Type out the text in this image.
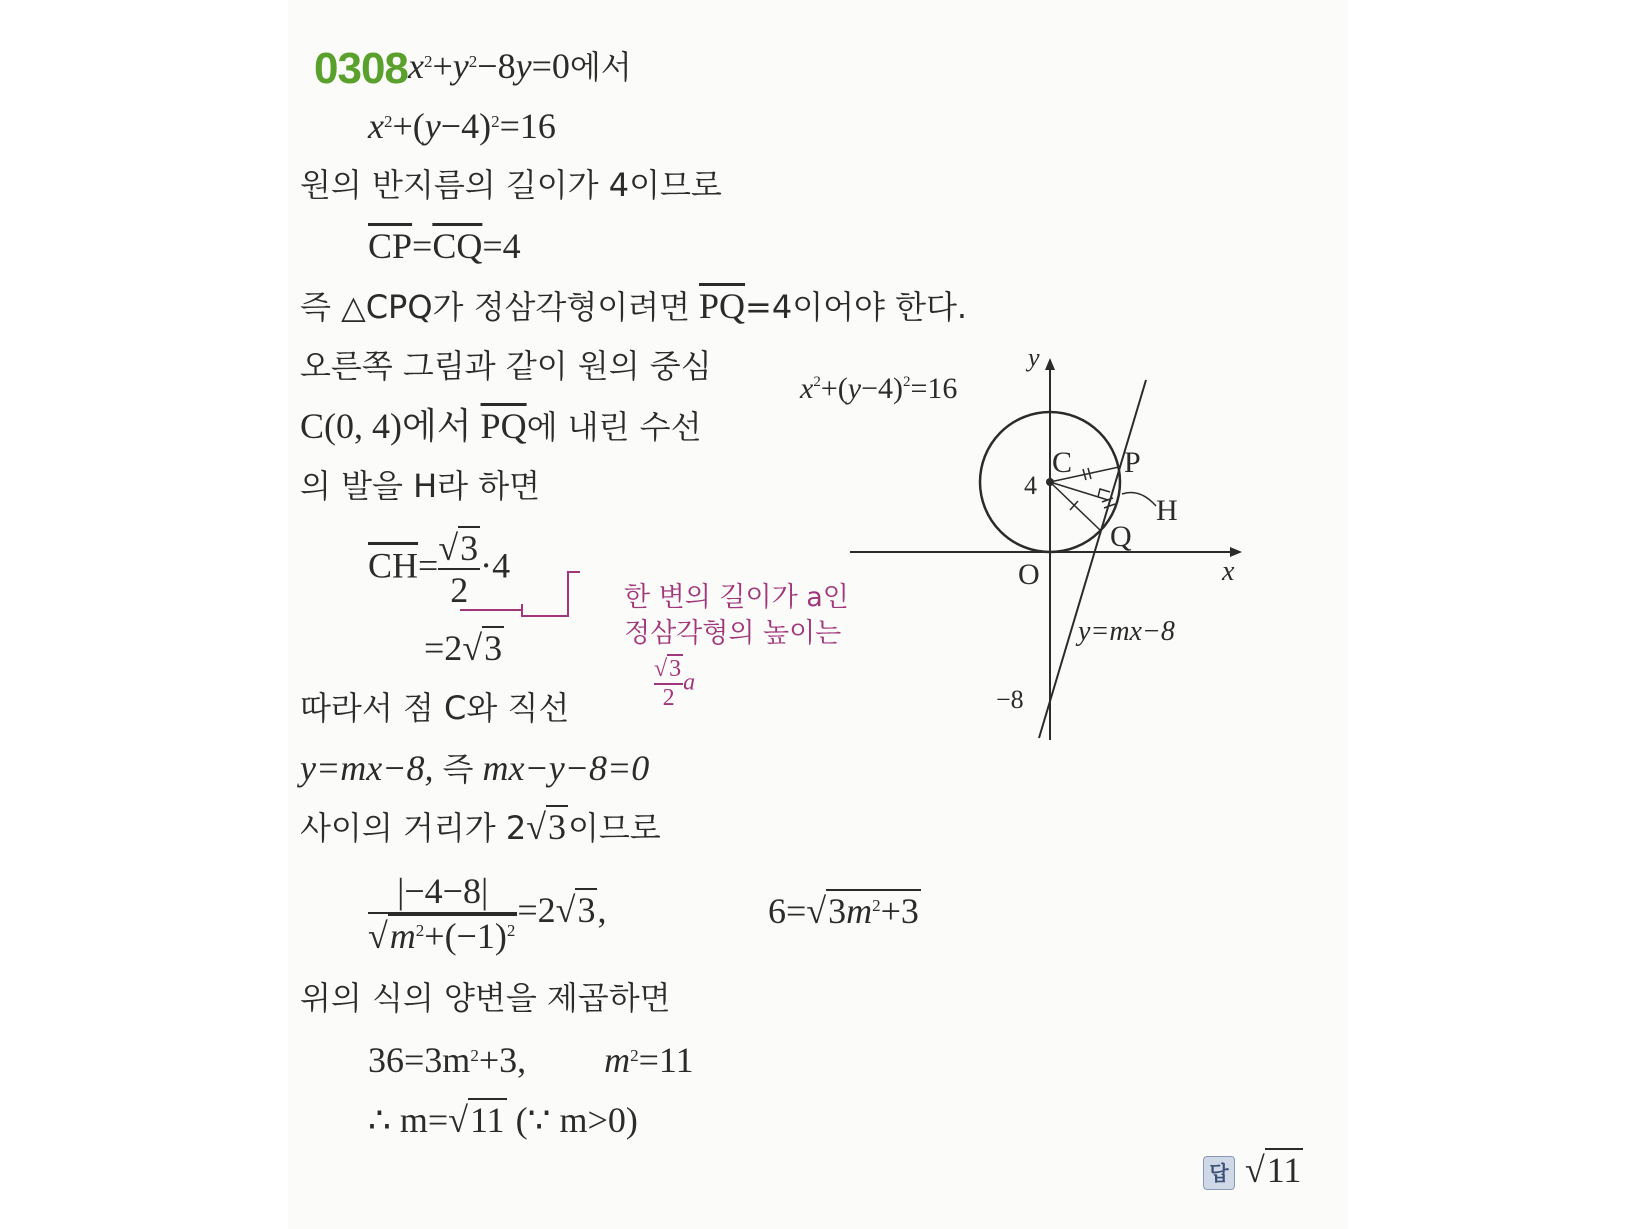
0308 $x^2+y^2-8y=0$에서
$x^2+(y-4)^2=16$
원의 반지름의 길이가 4이므로
$\overline{CP}=\overline{CQ}=4$
즉 △CPQ가 정삼각형이려면 $\overline{PQ}=4$이어야 한다.
오른쪽 그림과 같이 원의 중심
C(0, 4)에서 $\overline{PQ}$에 내린 수선
의 발을 H라 하면
$\overline{CH}= \frac{√3}{2} \cdot 4$
=2√3
한 변의 길이가 a인
정삼각형의 높이는
$\frac{√3}{2}$ a
따라서 점 C와 직선
y=mx−8, 즉 mx−y−8=0
사이의 거리가 2√3이므로
$\frac{|-4-8|}{√m^2+(-1)^2} =2√3$,	$6=√3m^2+3$
위의 식의 양변을 제곱하면
$36=3m^2+3$, $m^2=11$
∴ m=√11 (∵ m>0)
답 √11
$x^2+(y-4)^2=16$
y
x
O
C P
Q
H
4
−8
y=mx−8
